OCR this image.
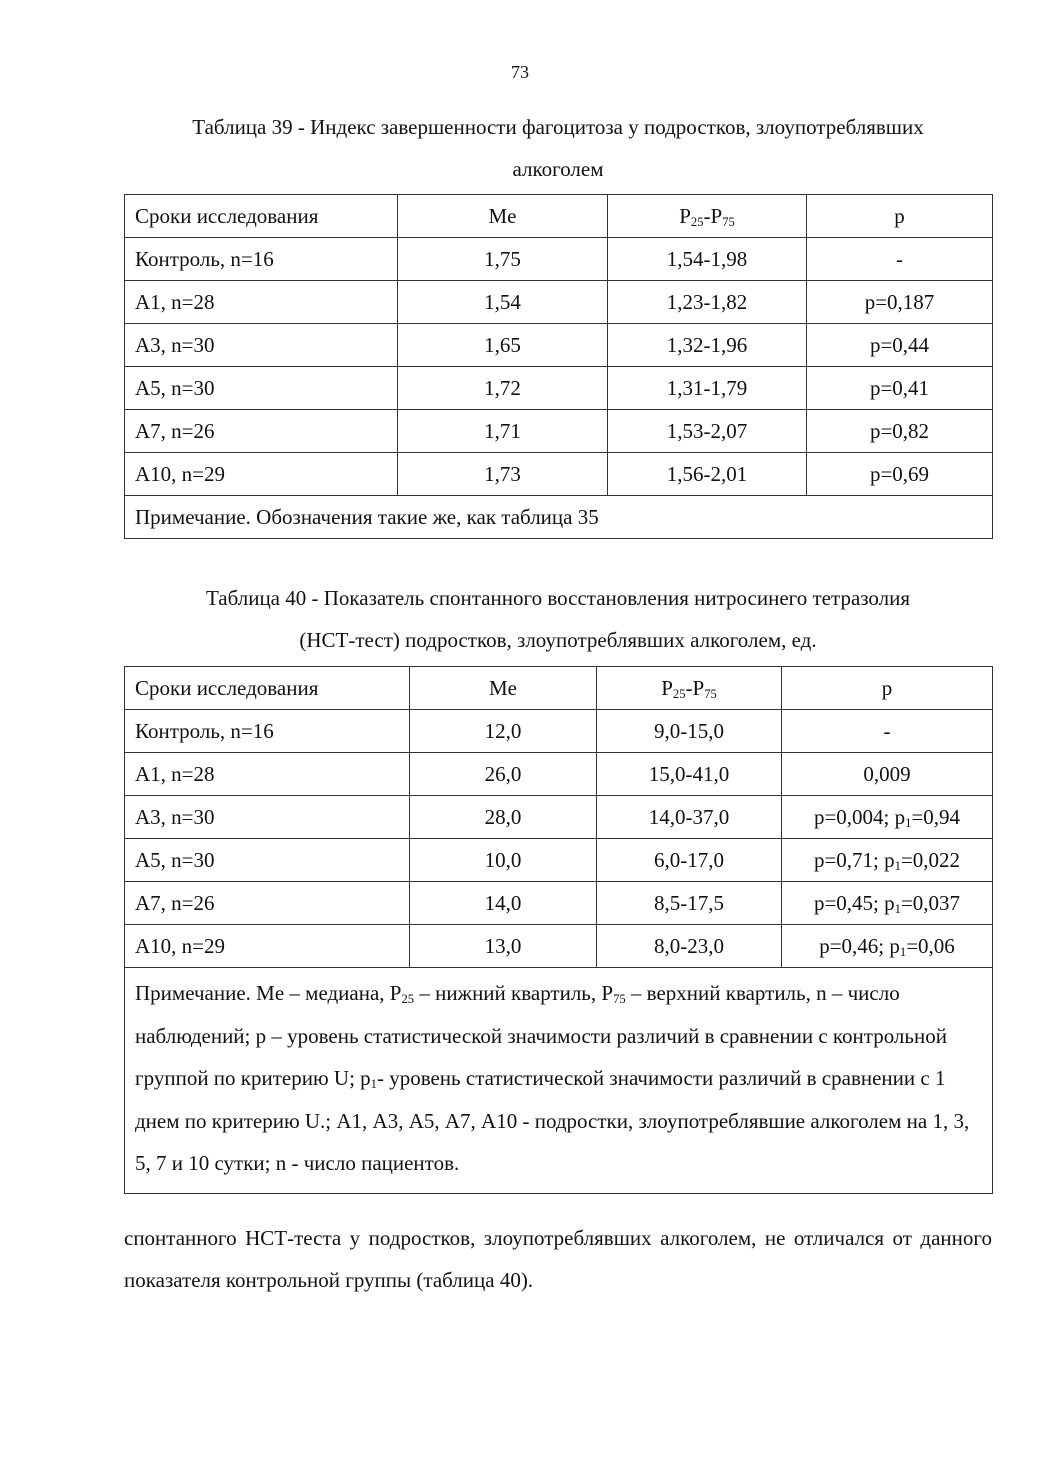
73
Таблица 39 - Индекс завершенности фагоцитоза у подростков, злоупотреблявших
алкоголем
Сроки исследования	Me	$P_{25}-P_{75}$	p
Контроль, n=16	1,75	1,54-1,98	-
А1, n=28	1,54	1,23-1,82	p=0,187
А3, n=30	1,65	1,32-1,96	p=0,44
А5, n=30	1,72	1,31-1,79	p=0,41
А7, n=26	1,71	1,53-2,07	p=0,82
А10, n=29	1,73	1,56-2,01	p=0,69
Примечание. Обозначения такие же, как таблица 35			
Таблица 40 - Показатель спонтанного восстановления нитросинего тетразолия
(НСТ-тест) подростков, злоупотреблявших алкоголем, ед.
Сроки исследования	Me	$P_{25}-P_{75}$	p
Контроль, n=16	12,0	9,0-15,0	-
А1, n=28	26,0	15,0-41,0	0,009
А3, n=30	28,0	14,0-37,0	p=0,004; $p_1=0,94$
А5, n=30	10,0	6,0-17,0	p=0,71; $p_1=0,022$
А7, n=26	14,0	8,5-17,5	p=0,45; $p_1=0,037$
А10, n=29	13,0	8,0-23,0	p=0,46; $p_1=0,06$
Примечание. Me – медиана, $P_{25}$ – нижний квартиль, $P_{75}$ – верхний квартиль, n – число наблюдений; p – уровень статистической значимости различий в сравнении с контрольной группой по критерию U; $p_1-$ уровень статистической значимости различий в сравнении с 1 днем по критерию U.; А1, А3, А5, А7, А10 - подростки, злоупотреблявшие алкоголем на 1, 3, 5, 7 и 10 сутки; n - число пациентов.			
спонтанного НСТ-теста у подростков, злоупотреблявших алкоголем, не отличался от данного показателя контрольной группы (таблица 40).
